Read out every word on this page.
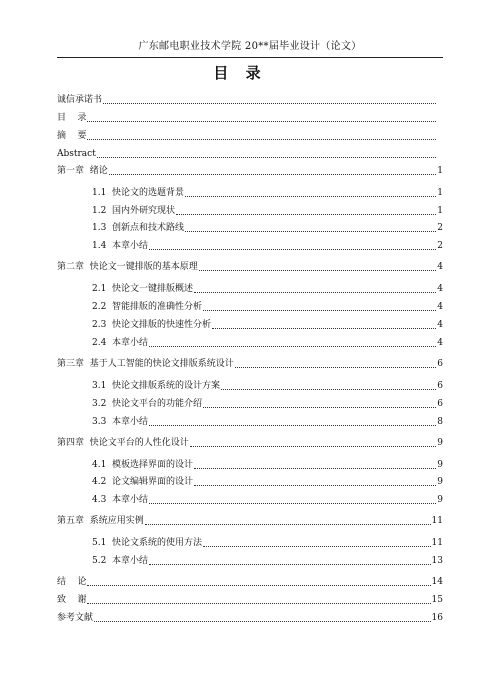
广东邮电职业技术学院 20**届毕业设计（论文）
目 录
诚信承诺书
目    录
摘    要
Abstract
第一章  绪论	1
1.1  快论文的选题背景	1
1.2  国内外研究现状	1
1.3  创新点和技术路线	2
1.4  本章小结	2
第二章  快论文一键排版的基本原理	4
2.1  快论文一键排版概述	4
2.2  智能排版的准确性分析	4
2.3  快论文排版的快速性分析	4
2.4  本章小结	4
第三章  基于人工智能的快论文排版系统设计	6
3.1  快论文排版系统的设计方案	6
3.2  快论文平台的功能介绍	6
3.3  本章小结	8
第四章  快论文平台的人性化设计	9
4.1  模板选择界面的设计	9
4.2  论文编辑界面的设计	9
4.3  本章小结	9
第五章  系统应用实例	11
5.1  快论文系统的使用方法	11
5.2  本章小结	13
结    论	14
致    谢	15
参考文献	16
